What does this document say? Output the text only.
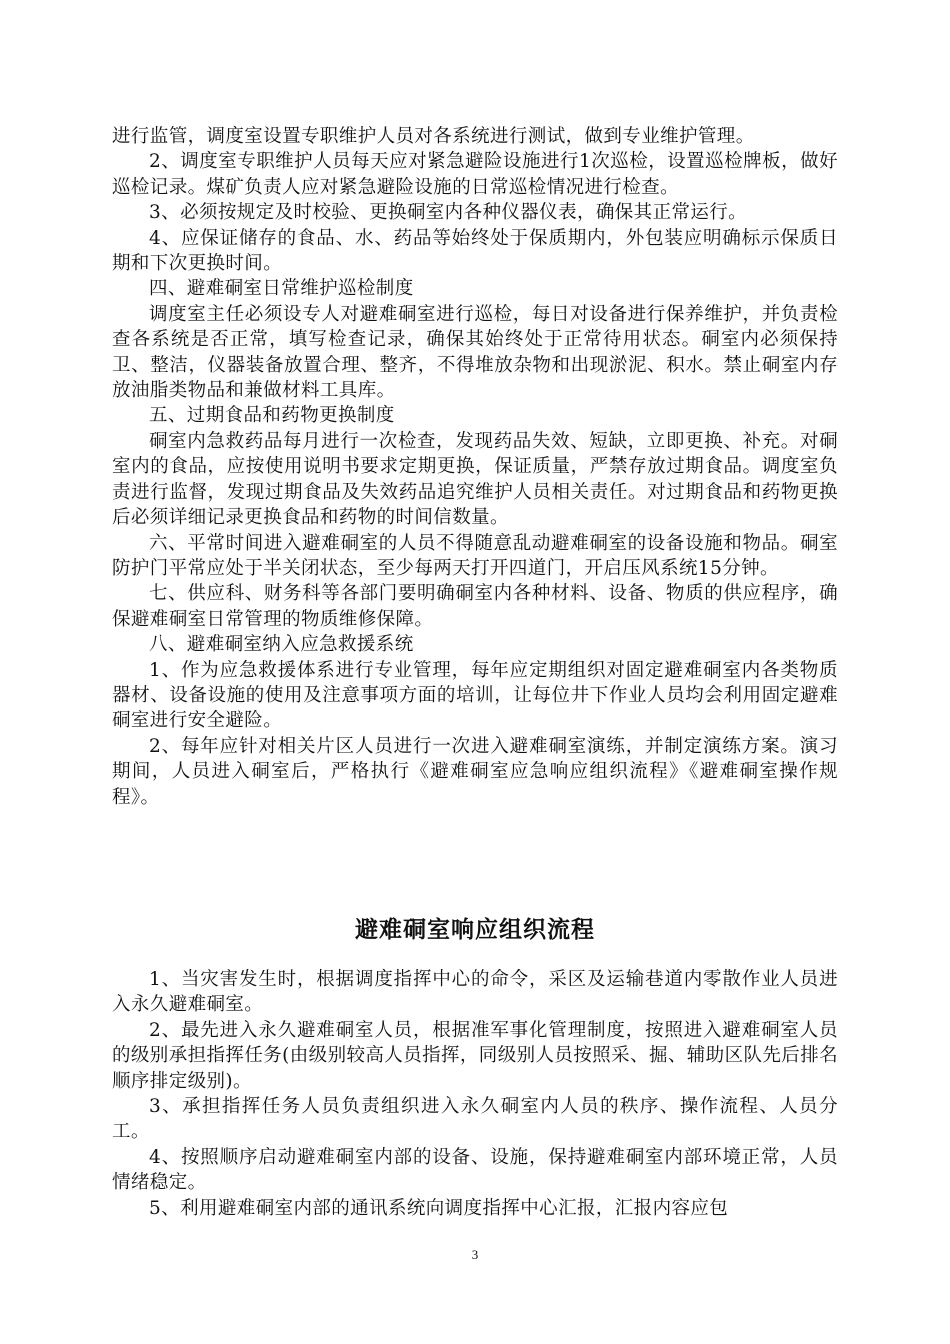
进行监管，调度室设置专职维护人员对各系统进行测试，做到专业维护管理。

2、调度室专职维护人员每天应对紧急避险设施进行1次巡检，设置巡检牌板，做好巡检记录。煤矿负责人应对紧急避险设施的日常巡检情况进行检查。

3、必须按规定及时校验、更换硐室内各种仪器仪表，确保其正常运行。

4、应保证储存的食品、水、药品等始终处于保质期内，外包装应明确标示保质日期和下次更换时间。

四、避难硐室日常维护巡检制度

调度室主任必须设专人对避难硐室进行巡检，每日对设备进行保养维护，并负责检查各系统是否正常，填写检查记录，确保其始终处于正常待用状态。硐室内必须保持卫、整洁，仪器装备放置合理、整齐，不得堆放杂物和出现淤泥、积水。禁止硐室内存放油脂类物品和兼做材料工具库。

五、过期食品和药物更换制度

硐室内急救药品每月进行一次检查，发现药品失效、短缺，立即更换、补充。对硐室内的食品，应按使用说明书要求定期更换，保证质量，严禁存放过期食品。调度室负责进行监督，发现过期食品及失效药品追究维护人员相关责任。对过期食品和药物更换后必须详细记录更换食品和药物的时间信数量。

六、平常时间进入避难硐室的人员不得随意乱动避难硐室的设备设施和物品。硐室防护门平常应处于半关闭状态，至少每两天打开四道门，开启压风系统15分钟。

七、供应科、财务科等各部门要明确硐室内各种材料、设备、物质的供应程序，确保避难硐室日常管理的物质维修保障。

八、避难硐室纳入应急救援系统

1、作为应急救援体系进行专业管理，每年应定期组织对固定避难硐室内各类物质器材、设备设施的使用及注意事项方面的培训，让每位井下作业人员均会利用固定避难硐室进行安全避险。

2、每年应针对相关片区人员进行一次进入避难硐室演练，并制定演练方案。演习期间，人员进入硐室后，严格执行《避难硐室应急响应组织流程》《避难硐室操作规程》。

避难硐室响应组织流程

1、当灾害发生时，根据调度指挥中心的命令，采区及运输巷道内零散作业人员进入永久避难硐室。

2、最先进入永久避难硐室人员，根据准军事化管理制度，按照进入避难硐室人员的级别承担指挥任务(由级别较高人员指挥，同级别人员按照采、掘、辅助区队先后排名顺序排定级别)。

3、承担指挥任务人员负责组织进入永久硐室内人员的秩序、操作流程、人员分工。

4、按照顺序启动避难硐室内部的设备、设施，保持避难硐室内部环境正常，人员情绪稳定。

5、利用避难硐室内部的通讯系统向调度指挥中心汇报，汇报内容应包

3
